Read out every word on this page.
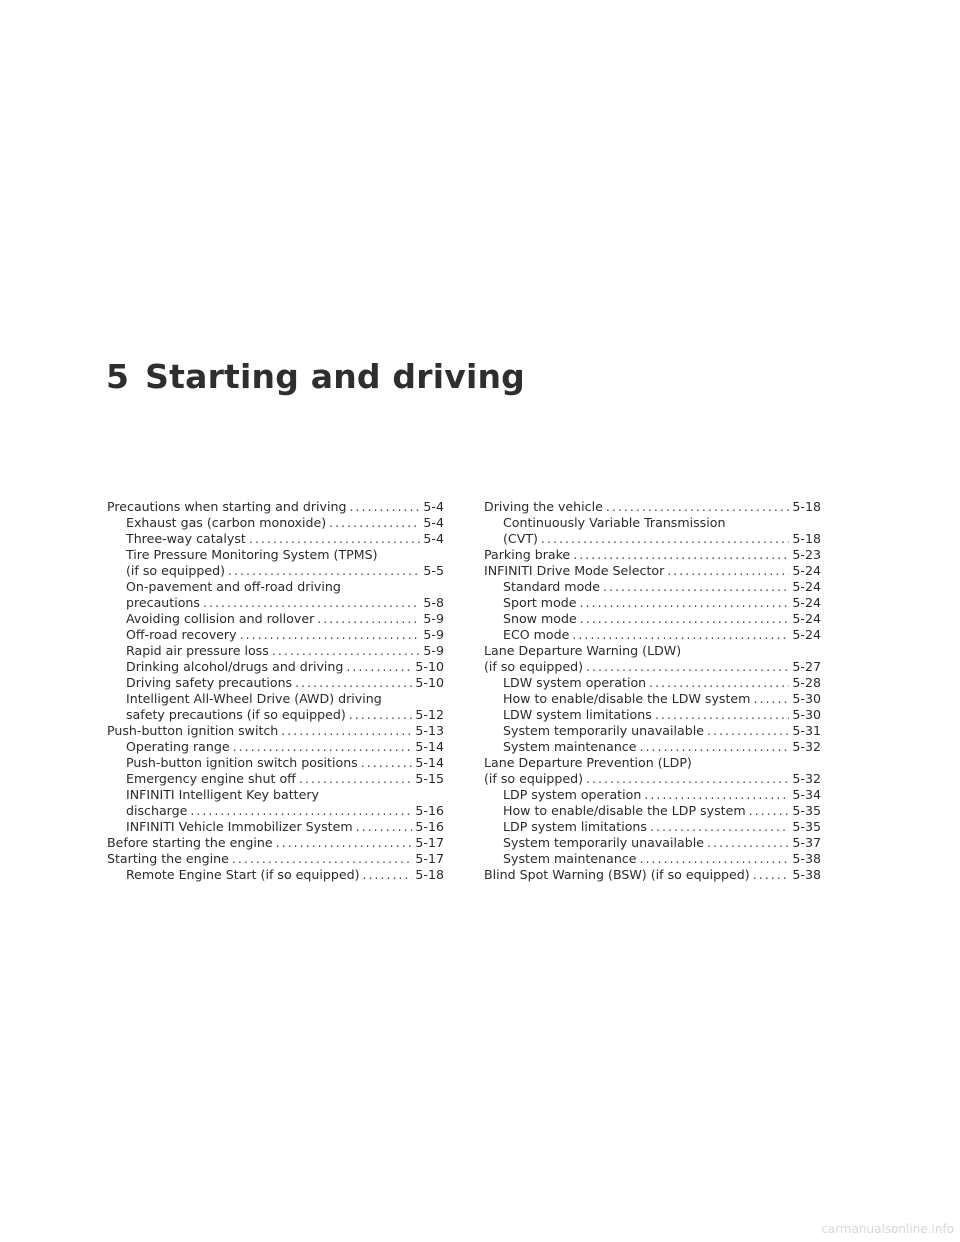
5 Starting and driving
Precautions when starting and driving .....	5-4
Exhaust gas (carbon monoxide) .....	5-4
Three-way catalyst .....	5-4
Tire Pressure Monitoring System (TPMS)
(if so equipped) .....	5-5
On-pavement and off-road driving
precautions .....	5-8
Avoiding collision and rollover .....	5-9
Off-road recovery .....	5-9
Rapid air pressure loss .....	5-9
Drinking alcohol/drugs and driving .....	5-10
Driving safety precautions .....	5-10
Intelligent All-Wheel Drive (AWD) driving
safety precautions (if so equipped) .....	5-12
Push-button ignition switch .....	5-13
Operating range .....	5-14
Push-button ignition switch positions .....	5-14
Emergency engine shut off .....	5-15
INFINITI Intelligent Key battery
discharge .....	5-16
INFINITI Vehicle Immobilizer System .....	5-16
Before starting the engine .....	5-17
Starting the engine .....	5-17
Remote Engine Start (if so equipped) .....	5-18
Driving the vehicle .....	5-18
Continuously Variable Transmission
(CVT) .....	5-18
Parking brake .....	5-23
INFINITI Drive Mode Selector .....	5-24
Standard mode .....	5-24
Sport mode .....	5-24
Snow mode .....	5-24
ECO mode .....	5-24
Lane Departure Warning (LDW)
(if so equipped) .....	5-27
LDW system operation .....	5-28
How to enable/disable the LDW system .....	5-30
LDW system limitations .....	5-30
System temporarily unavailable .....	5-31
System maintenance .....	5-32
Lane Departure Prevention (LDP)
(if so equipped) .....	5-32
LDP system operation .....	5-34
How to enable/disable the LDP system .....	5-35
LDP system limitations .....	5-35
System temporarily unavailable .....	5-37
System maintenance .....	5-38
Blind Spot Warning (BSW) (if so equipped) .....	5-38
carmanualsonline.info
